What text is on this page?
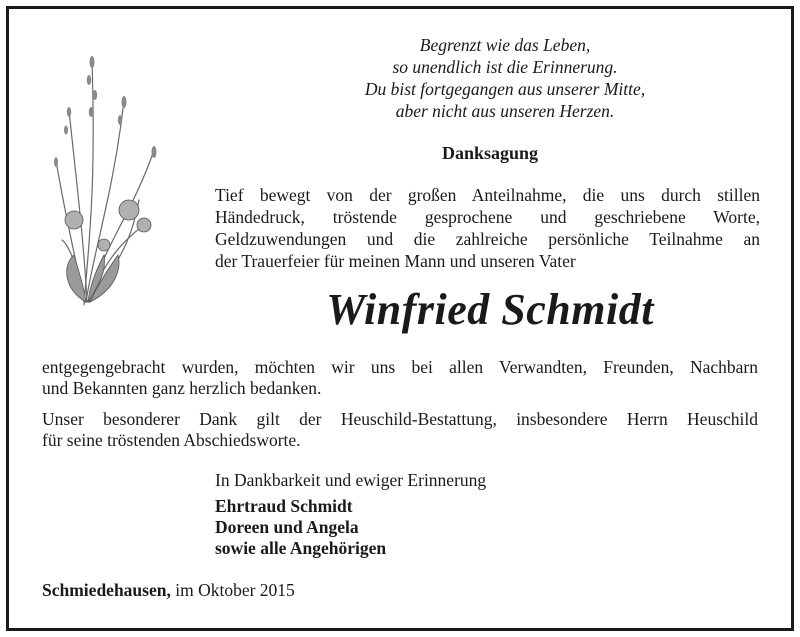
Begrenzt wie das Leben,
so unendlich ist die Erinnerung.
Du bist fortgegangen aus unserer Mitte,
aber nicht aus unseren Herzen.
Danksagung
Tief bewegt von der großen Anteilnahme, die uns durch stillen
Händedruck, tröstende gesprochene und geschriebene Worte,
Geldzuwendungen und die zahlreiche persönliche Teilnahme an
der Trauerfeier für meinen Mann und unseren Vater
Winfried Schmidt
entgegengebracht wurden, möchten wir uns bei allen Verwandten, Freunden, Nachbarn
und Bekannten ganz herzlich bedanken.
Unser besonderer Dank gilt der Heuschild-Bestattung, insbesondere Herrn Heuschild
für seine tröstenden Abschiedsworte.
In Dankbarkeit und ewiger Erinnerung
Ehrtraud Schmidt
Doreen und Angela
sowie alle Angehörigen
Schmiedehausen, im Oktober 2015
